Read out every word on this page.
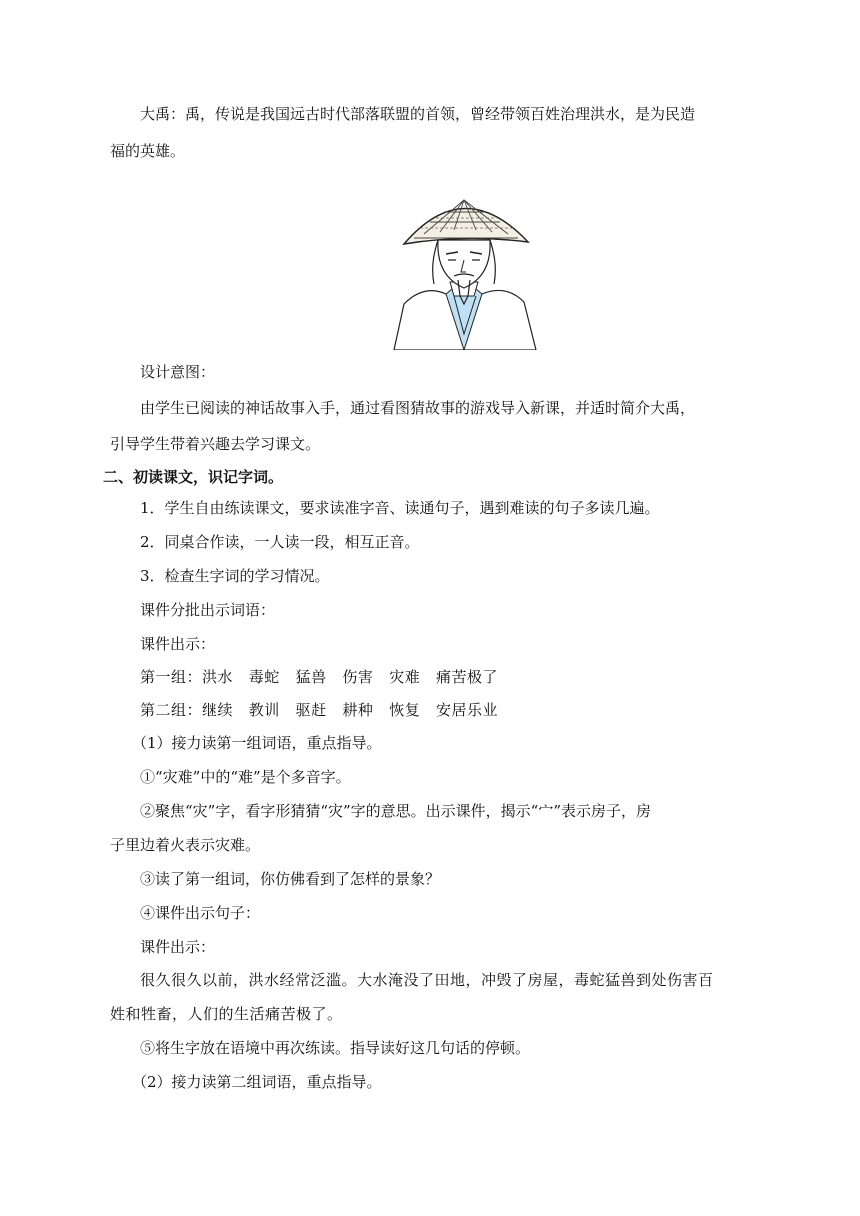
大禹：禹，传说是我国远古时代部落联盟的首领，曾经带领百姓治理洪水，是为民造
福的英雄。
设计意图：
由学生已阅读的神话故事入手，通过看图猜故事的游戏导入新课，并适时简介大禹，
引导学生带着兴趣去学习课文。
二、初读课文，识记字词。
1．学生自由练读课文，要求读准字音、读通句子，遇到难读的句子多读几遍。
2．同桌合作读，一人读一段，相互正音。
3．检查生字词的学习情况。
课件分批出示词语：
课件出示：
第一组：洪水   毒蛇   猛兽   伤害   灾难   痛苦极了
第二组：继续   教训   驱赶   耕种   恢复   安居乐业
（1）接力读第一组词语，重点指导。
①“灾难”中的“难”是个多音字。
②聚焦“灾”字，看字形猜猜“灾”字的意思。出示课件，揭示“宀”表示房子，房
子里边着火表示灾难。
③读了第一组词，你仿佛看到了怎样的景象？
④课件出示句子：
课件出示：
很久很久以前，洪水经常泛滥。大水淹没了田地，冲毁了房屋，毒蛇猛兽到处伤害百
姓和牲畜，人们的生活痛苦极了。
⑤将生字放在语境中再次练读。指导读好这几句话的停顿。
（2）接力读第二组词语，重点指导。
